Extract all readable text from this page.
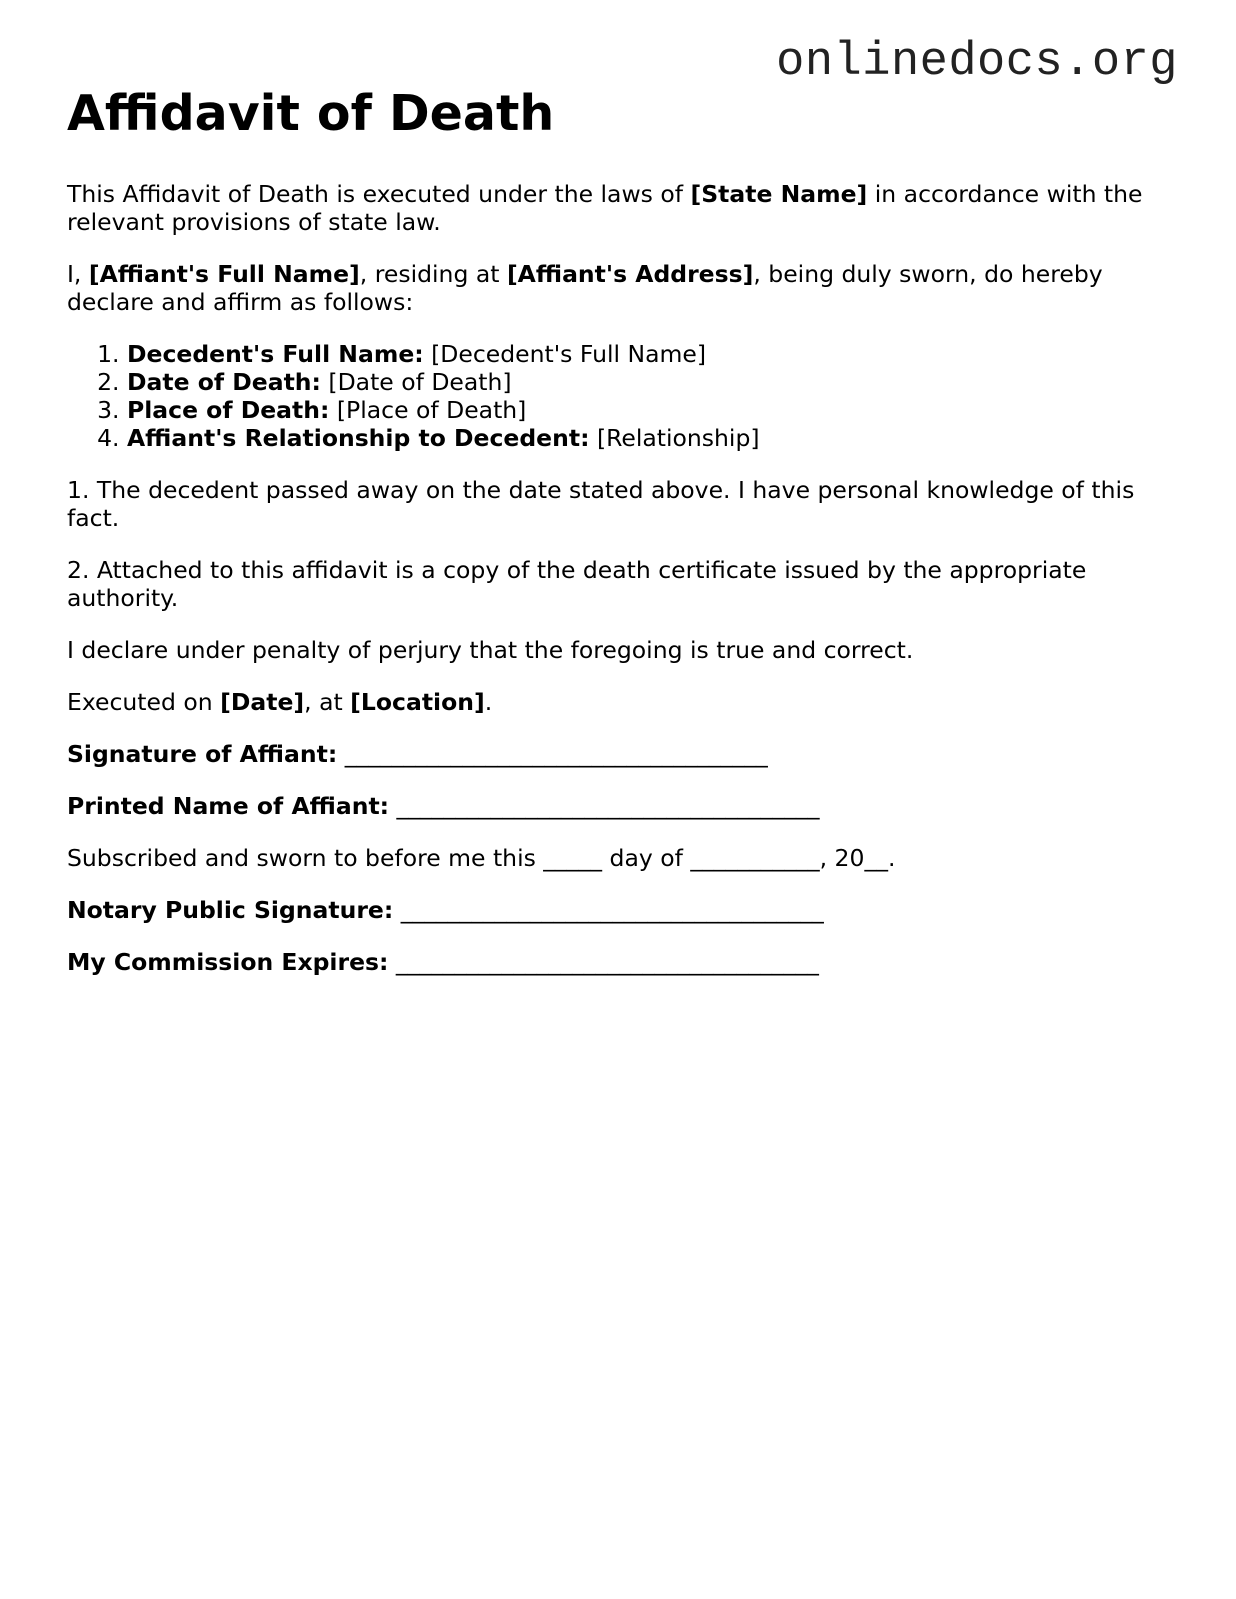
onlinedocs.org
Affidavit of Death

This Affidavit of Death is executed under the laws of [State Name] in accordance with the relevant provisions of state law.

I, [Affiant's Full Name], residing at [Affiant's Address], being duly sworn, do hereby declare and affirm as follows:

1. Decedent's Full Name: [Decedent's Full Name]
2. Date of Death: [Date of Death]
3. Place of Death: [Place of Death]
4. Affiant's Relationship to Decedent: [Relationship]

1. The decedent passed away on the date stated above. I have personal knowledge of this fact.

2. Attached to this affidavit is a copy of the death certificate issued by the appropriate authority.

I declare under penalty of perjury that the foregoing is true and correct.

Executed on [Date], at [Location].

Signature of Affiant: ____________________________________

Printed Name of Affiant: ____________________________________

Subscribed and sworn to before me this _____ day of ___________, 20__.

Notary Public Signature: ____________________________________

My Commission Expires: ____________________________________
